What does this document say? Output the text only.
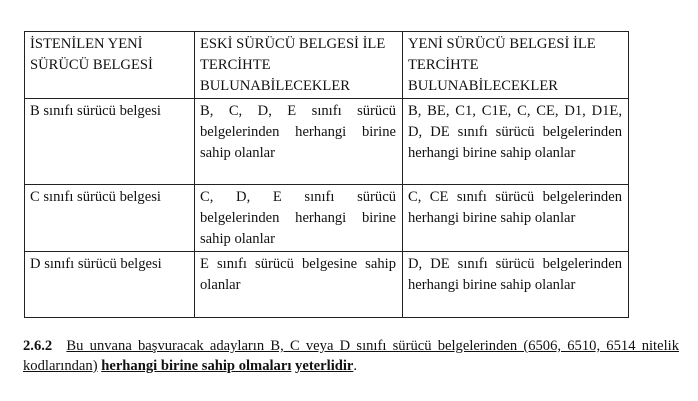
İSTENİLEN YENİ SÜRÜCÜ BELGESİ	ESKİ SÜRÜCÜ BELGESİ İLE TERCİHTE BULUNABİLECEKLER	YENİ SÜRÜCÜ BELGESİ İLE TERCİHTE BULUNABİLECEKLER
B sınıfı sürücü belgesi	B, C, D, E sınıfı sürücü belgelerinden herhangi birine sahip olanlar	B, BE, C1, C1E, C, CE, D1, D1E, D, DE sınıfı sürücü belgelerinden herhangi birine sahip olanlar
C sınıfı sürücü belgesi	C, D, E sınıfı sürücü belgelerinden herhangi birine sahip olanlar	C, CE sınıfı sürücü belgelerinden herhangi birine sahip olanlar
D sınıfı sürücü belgesi	E sınıfı sürücü belgesine sahip olanlar	D, DE sınıfı sürücü belgelerinden herhangi birine sahip olanlar

2.6.2 Bu unvana başvuracak adayların B, C veya D sınıfı sürücü belgelerinden (6506, 6510, 6514 nitelik kodlarından) herhangi birine sahip olmaları yeterlidir.
